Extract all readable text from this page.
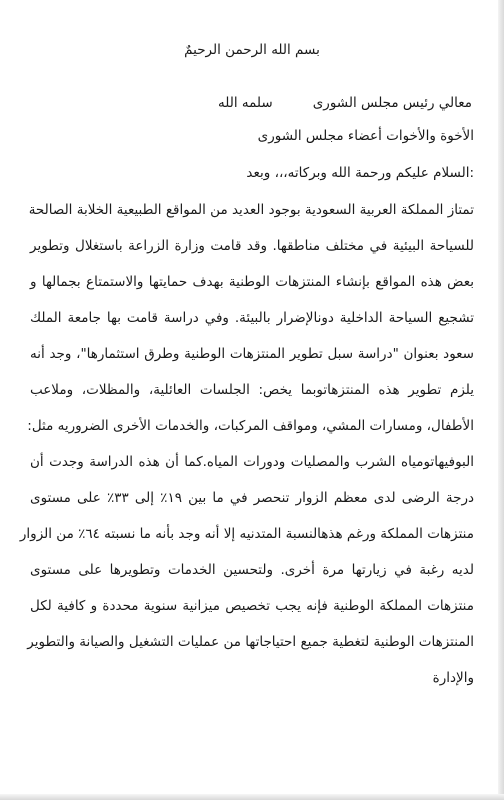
بسم الله الرحمن الرحيمٌ
معالي رئيس مجلس الشورى
سلمه الله
الأخوة والأخوات أعضاء مجلس الشورى
:السلام عليكم ورحمة الله وبركاته،،، وبعد
تمتاز المملكة العربية السعودية بوجود العديد من المواقع الطبيعية الخلابة الصالحة
للسياحة البيئية في مختلف مناطقها. وقد قامت وزارة الزراعة باستغلال وتطوير
بعض هذه المواقع بإنشاء المنتزهات الوطنية بهدف حمايتها والاستمتاع بجمالها و
تشجيع السياحة الداخلية دونالإضرار بالبيئة. وفي دراسة قامت بها جامعة الملك
سعود بعنوان "دراسة سبل تطوير المنتزهات الوطنية وطرق استثمارها"، وجد أنه
يلزم تطوير هذه المنتزهاتوبما يخص: الجلسات العائلية، والمظلات، وملاعب
الأطفال، ومسارات المشي، ومواقف المركبات، والخدمات الأخرى الضروريه مثل:
البوفيهاتومياه الشرب والمصليات ودورات المياه.كما أن هذه الدراسة وجدت أن
درجة الرضى لدى معظم الزوار تنحصر في ما بين ١٩٪ إلى ٣٣٪ على مستوى
منتزهات المملكة ورغم هذهالنسبة المتدنيه إلا أنه وجد بأنه ما نسبته ٦٤٪ من الزوار
لديه رغبة في زيارتها مرة أخرى. ولتحسين الخدمات وتطويرها على مستوى
منتزهات المملكة الوطنية فإنه يجب تخصيص ميزانية سنوية محددة و كافية لكل
المنتزهات الوطنية لتغطية جميع احتياجاتها من عمليات التشغيل والصيانة والتطوير
والإدارة
